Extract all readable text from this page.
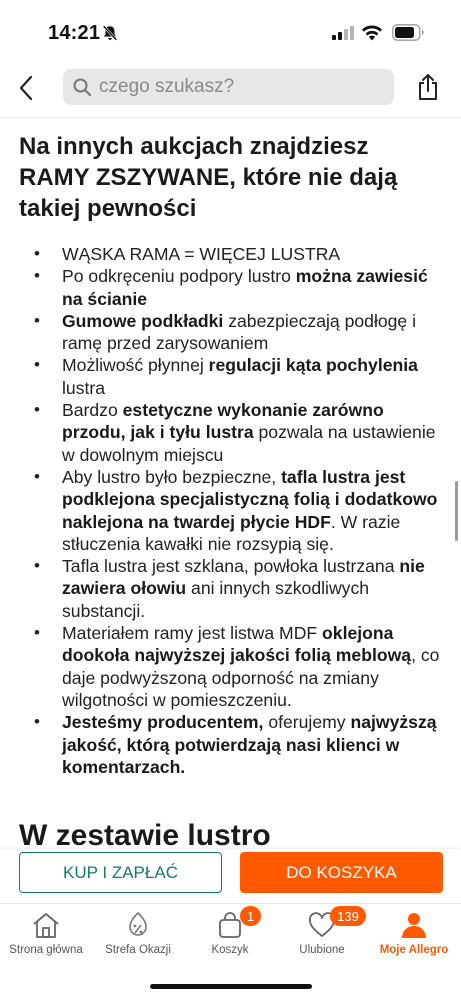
14:21
czego szukasz?
Na innych aukcjach znajdziesz RAMY ZSZYWANE, które nie dają takiej pewności
• WĄSKA RAMA = WIĘCEJ LUSTRA
• Po odkręceniu podpory lustro można zawiesić na ścianie
• Gumowe podkładki zabezpieczają podłogę i ramę przed zarysowaniem
• Możliwość płynnej regulacji kąta pochylenia lustra
• Bardzo estetyczne wykonanie zarówno przodu, jak i tyłu lustra pozwala na ustawienie w dowolnym miejscu
• Aby lustro było bezpieczne, tafla lustra jest podklejona specjalistyczną folią i dodatkowo naklejona na twardej płycie HDF. W razie stłuczenia kawałki nie rozsypią się.
• Tafla lustra jest szklana, powłoka lustrzana nie zawiera ołowiu ani innych szkodliwych substancji.
• Materiałem ramy jest listwa MDF oklejona dookoła najwyższej jakości folią meblową, co daje podwyższoną odporność na zmiany wilgotności w pomieszczeniu.
• Jesteśmy producentem, oferujemy najwyższą jakość, którą potwierdzają nasi klienci w komentarzach.
W zestawie lustro
KUP I ZAPŁAĆ	DO KOSZYKA
Strona główna	Strefa Okazji
1
Koszyk
139
Ulubione	Moje Allegro
